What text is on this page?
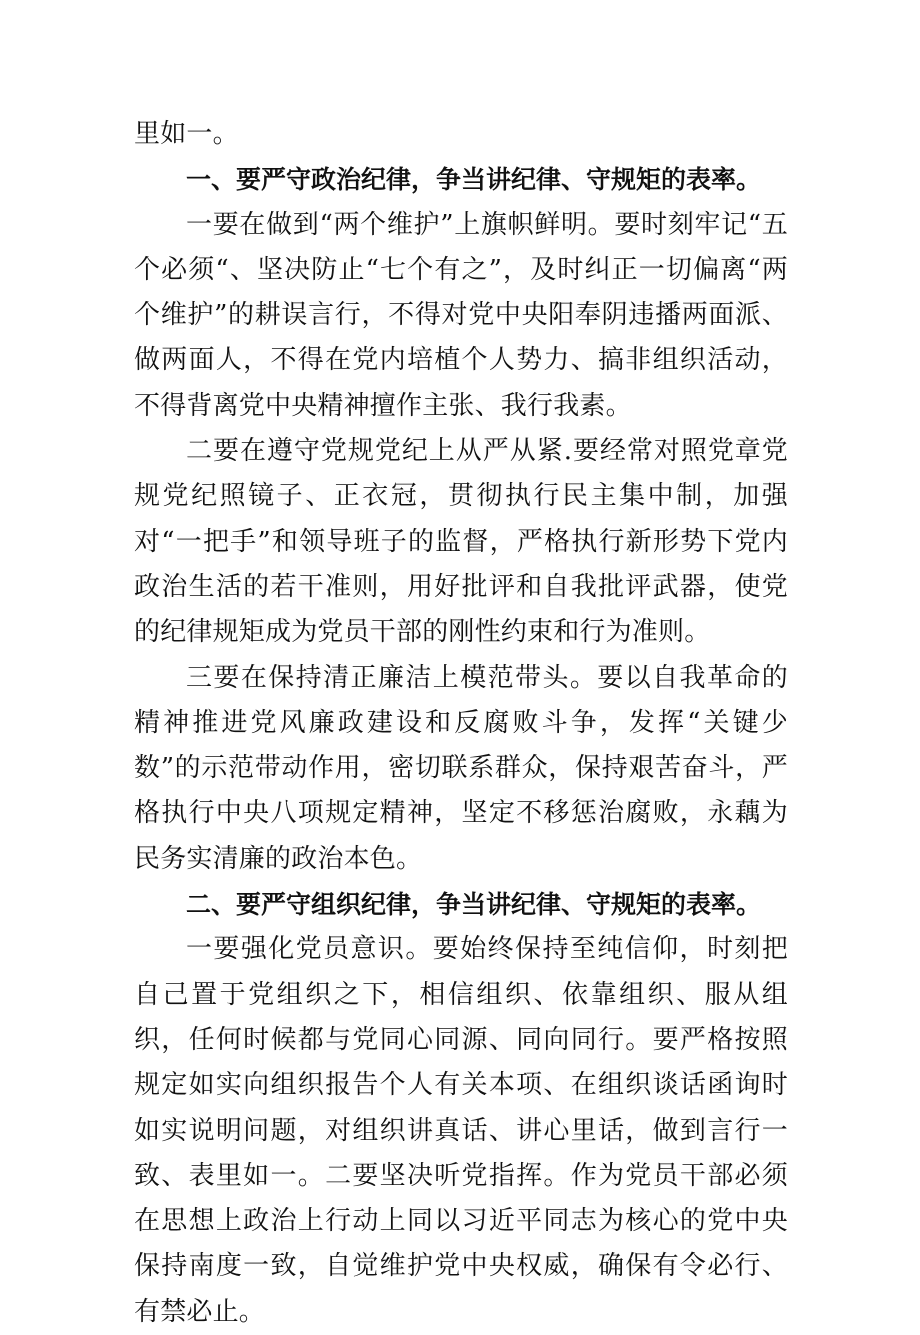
里如一。

一、要严守政治纪律，争当讲纪律、守规矩的表率。

一要在做到“两个维护”上旗帜鲜明。要时刻牢记“五个必须“、坚决防止“七个有之”，及时纠正一切偏离“两个维护”的耕误言行，不得对党中央阳奉阴违播两面派、做两面人，不得在党内培植个人势力、搞非组织活动，不得背离党中央精神擅作主张、我行我素。

二要在遵守党规党纪上从严从紧.要经常对照党章党规党纪照镜子、正衣冠，贯彻执行民主集中制，加强对“一把手”和领导班子的监督，严格执行新形势下党内政治生活的若干准则，用好批评和自我批评武器，使党的纪律规矩成为党员干部的刚性约束和行为准则。

三要在保持清正廉洁上模范带头。要以自我革命的精神推进党风廉政建设和反腐败斗争，发挥“关键少数”的示范带动作用，密切联系群众，保持艰苦奋斗，严格执行中央八项规定精神，坚定不移惩治腐败，永藕为民务实清廉的政治本色。

二、要严守组织纪律，争当讲纪律、守规矩的表率。

一要强化党员意识。要始终保持至纯信仰，时刻把自己置于党组织之下，相信组织、依靠组织、服从组织，任何时候都与党同心同源、同向同行。要严格按照规定如实向组织报告个人有关本项、在组织谈话函询时如实说明问题，对组织讲真话、讲心里话，做到言行一致、表里如一。二要坚决听党指挥。作为党员干部必须在思想上政治上行动上同以习近平同志为核心的党中央保持南度一致，自觉维护党中央权威，确保有令必行、有禁必止。
